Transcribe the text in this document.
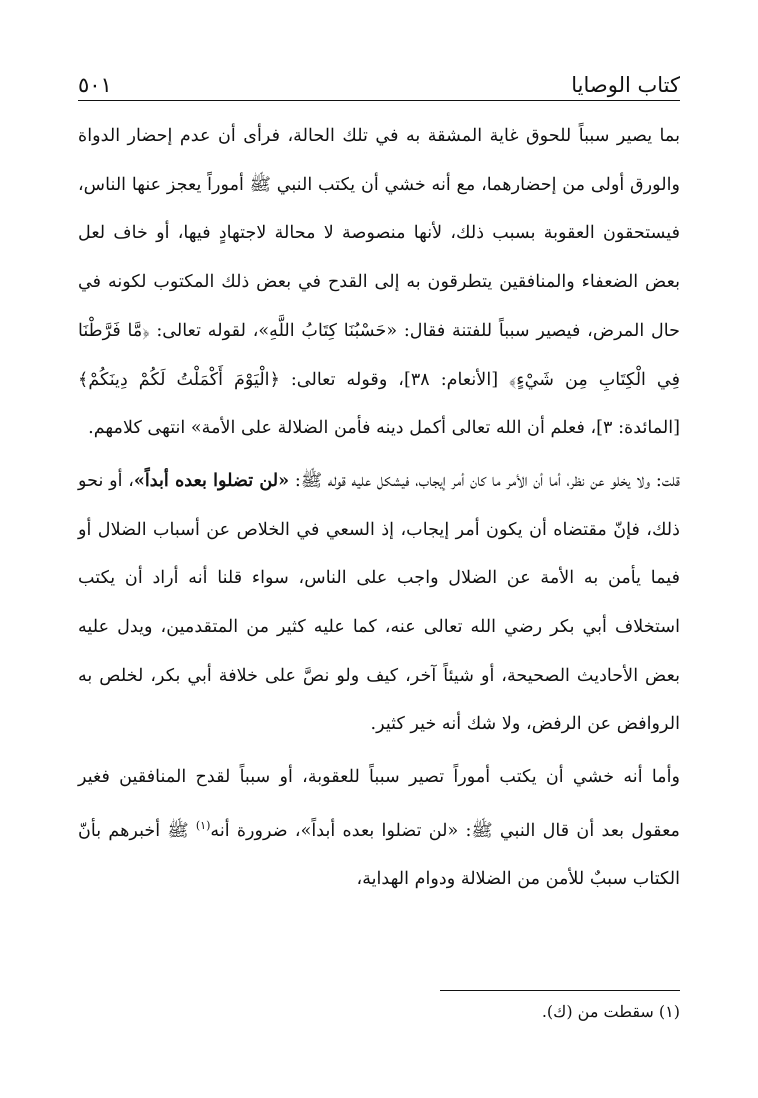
كتاب الوصايا
٥٠١

بما يصير سبباً للحوق غاية المشقة به في تلك الحالة، فرأى أن عدم إحضار الدواة والورق أولى من إحضارهما، مع أنه خشي أن يكتب النبي ﷺ أموراً يعجز عنها الناس، فيستحقون العقوبة بسبب ذلك، لأنها منصوصة لا محالة لاجتهادٍ فيها، أو خاف لعل بعض الضعفاء والمنافقين يتطرقون به إلى القدح في بعض ذلك المكتوب لكونه في حال المرض، فيصير سبباً للفتنة فقال: «حَسْبُنَا كِتَابُ اللَّهِ»، لقوله تعالى: ﴿مَّا فَرَّطْنَا فِي الْكِتَابِ مِن شَيْءٍ﴾ [الأنعام: ٣٨]، وقوله تعالى: ﴿الْيَوْمَ أَكْمَلْتُ لَكُمْ دِينَكُمْ﴾ [المائدة: ٣]، فعلم أن الله تعالى أكمل دينه فأمن الضلالة على الأمة» انتهى كلامهم.

قلت: ولا يخلو عن نظر، أما أن الأمر ما كان أمر إيجاب، فيشكل عليه قوله ﷺ: «لن تضلوا بعده أبداً»، أو نحو ذلك، فإنّ مقتضاه أن يكون أمر إيجاب، إذ السعي في الخلاص عن أسباب الضلال أو فيما يأمن به الأمة عن الضلال واجب على الناس، سواء قلنا أنه أراد أن يكتب استخلاف أبي بكر رضي الله تعالى عنه، كما عليه كثير من المتقدمين، ويدل عليه بعض الأحاديث الصحيحة، أو شيئاً آخر، كيف ولو نصَّ على خلافة أبي بكر، لخلص به الروافض عن الرفض، ولا شك أنه خير كثير.

وأما أنه خشي أن يكتب أموراً تصير سبباً للعقوبة، أو سبباً لقدح المنافقين فغير معقول بعد أن قال النبي ﷺ: «لن تضلوا بعده أبداً»، ضرورة أنه$^{(١)}$ ﷺ أخبرهم بأنّ الكتاب سببٌ للأمن من الضلالة ودوام الهداية،

(١) سقطت من (ك).
